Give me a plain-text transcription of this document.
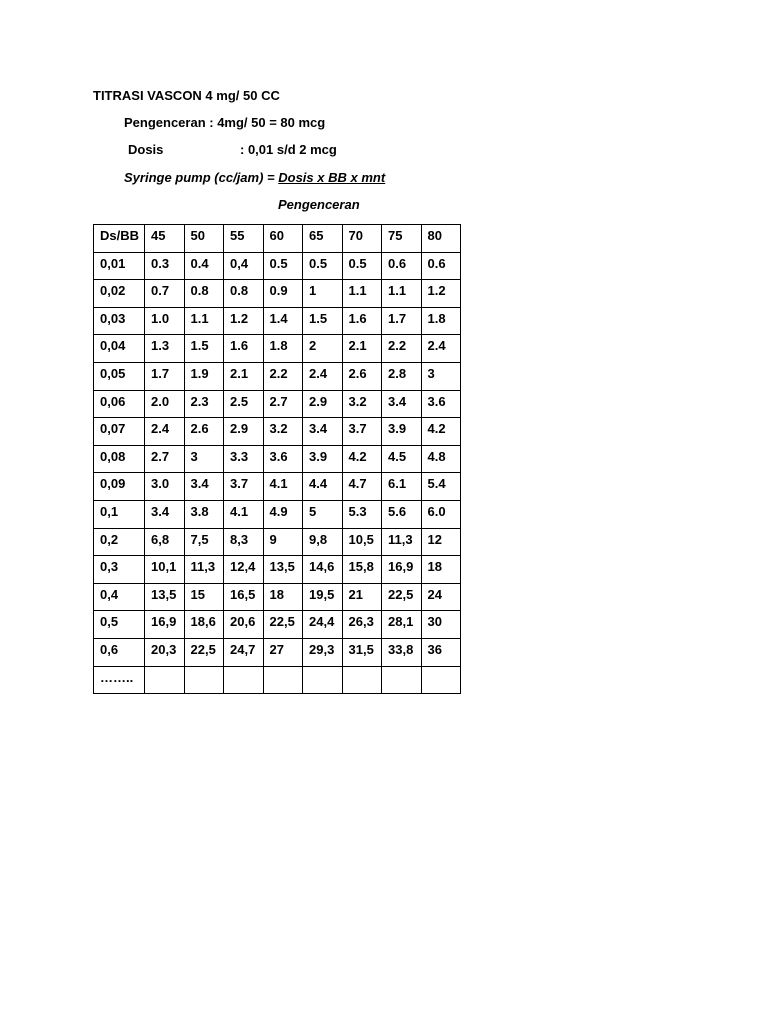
TITRASI VASCON 4 mg/ 50 CC
Pengenceran : 4mg/ 50 = 80 mcg
Dosis	: 0,01 s/d 2 mcg
Syringe pump (cc/jam) = Dosis x BB x mnt
Pengenceran
Ds/BB	45	50	55	60	65	70	75	80
0,01	0.3	0.4	0,4	0.5	0.5	0.5	0.6	0.6
0,02	0.7	0.8	0.8	0.9	1	1.1	1.1	1.2
0,03	1.0	1.1	1.2	1.4	1.5	1.6	1.7	1.8
0,04	1.3	1.5	1.6	1.8	2	2.1	2.2	2.4
0,05	1.7	1.9	2.1	2.2	2.4	2.6	2.8	3
0,06	2.0	2.3	2.5	2.7	2.9	3.2	3.4	3.6
0,07	2.4	2.6	2.9	3.2	3.4	3.7	3.9	4.2
0,08	2.7	3	3.3	3.6	3.9	4.2	4.5	4.8
0,09	3.0	3.4	3.7	4.1	4.4	4.7	6.1	5.4
0,1	3.4	3.8	4.1	4.9	5	5.3	5.6	6.0
0,2	6,8	7,5	8,3	9	9,8	10,5	11,3	12
0,3	10,1	11,3	12,4	13,5	14,6	15,8	16,9	18
0,4	13,5	15	16,5	18	19,5	21	22,5	24
0,5	16,9	18,6	20,6	22,5	24,4	26,3	28,1	30
0,6	20,3	22,5	24,7	27	29,3	31,5	33,8	36
……..								
